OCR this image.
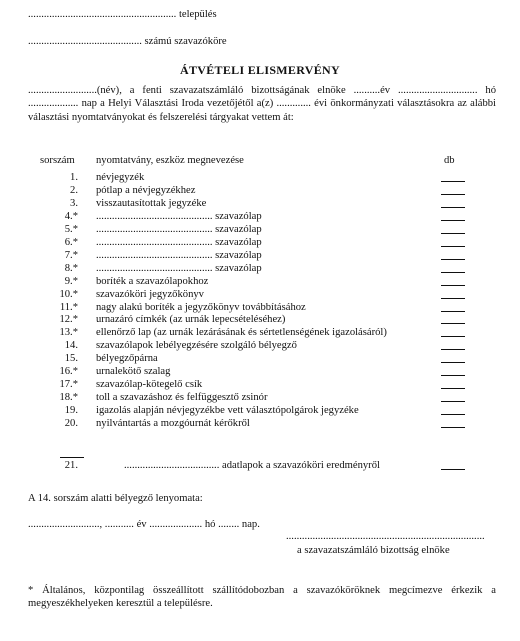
........................................................ település
........................................... számú szavazóköre
ÁTVÉTELI ELISMERVÉNY
..........................(név), a fenti szavazatszámláló bizottságának elnöke ..........év .............................. hó ................... nap a Helyi Választási Iroda vezetőjétől a(z) ............. évi önkormányzati választásokra az alábbi választási nyomtatványokat és felszerelési tárgyakat vettem át:
sorszám nyomtatvány, eszköz megnevezése	db
1. névjegyzék
2. pótlap a névjegyzékhez
3. visszautasítottak jegyzéke
4.* ............................................ szavazólap
5.* ............................................ szavazólap
6.* ............................................ szavazólap
7.* ............................................ szavazólap
8.* ............................................ szavazólap
9.* boríték a szavazólapokhoz
10.* szavazóköri jegyzőkönyv
11.* nagy alakú boríték a jegyzőkönyv továbbításához
12.* urnazáró címkék (az urnák lepecsételéséhez)
13.* ellenőrző lap (az urnák lezárásának és sértetlenségének igazolásáról)
14. szavazólapok lebélyegzésére szolgáló bélyegző
15. bélyegzőpárna
16.* urnalekötő szalag
17.* szavazólap-kötegelő csík
18.* toll a szavazáshoz és felfüggesztő zsinór
19. igazolás alapján névjegyzékbe vett választópolgárok jegyzéke
20. nyilvántartás a mozgóurnát kérőkről
21.	.................................... adatlapok a szavazóköri eredményről
A 14. sorszám alatti bélyegző lenyomata:
..........................., ........... év .................... hó ........ nap.
...........................................................................
a szavazatszámláló bizottság elnöke
* Általános, központilag összeállított szállítódobozban a szavazóköröknek megcímezve érkezik a megyeszékhelyeken keresztül a településre.
